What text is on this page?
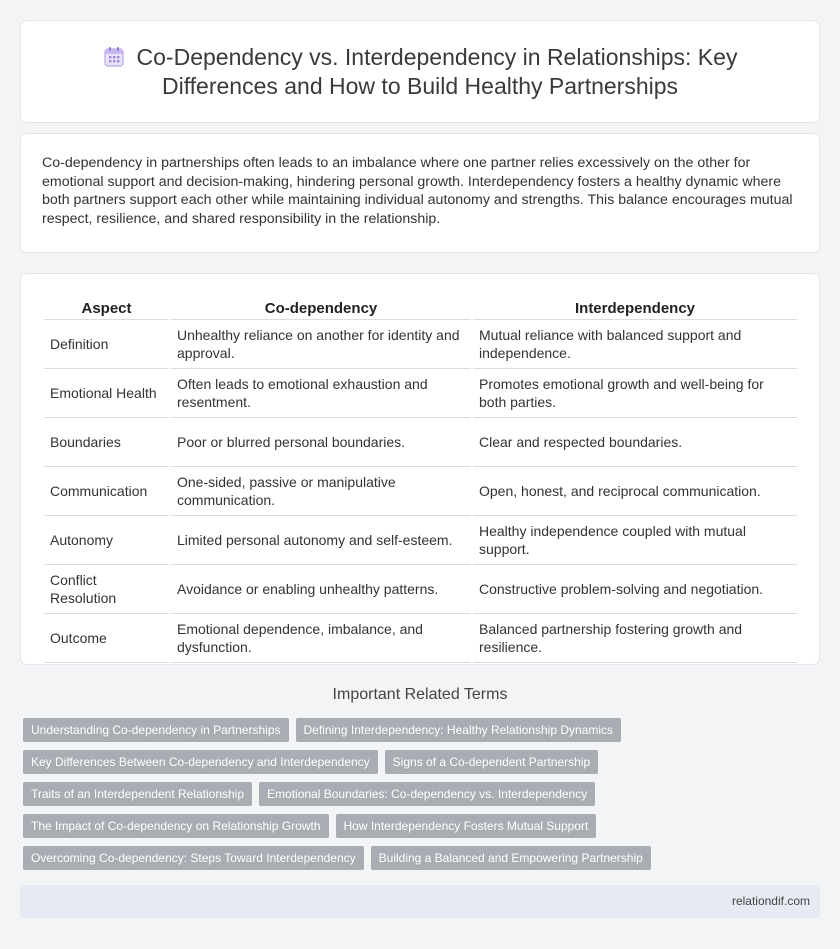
Co-Dependency vs. Interdependency in Relationships: Key Differences and How to Build Healthy Partnerships

Co-dependency in partnerships often leads to an imbalance where one partner relies excessively on the other for emotional support and decision-making, hindering personal growth. Interdependency fosters a healthy dynamic where both partners support each other while maintaining individual autonomy and strengths. This balance encourages mutual respect, resilience, and shared responsibility in the relationship.

Aspect	Co-dependency	Interdependency
Definition	Unhealthy reliance on another for identity and approval.	Mutual reliance with balanced support and independence.
Emotional Health	Often leads to emotional exhaustion and resentment.	Promotes emotional growth and well-being for both parties.
Boundaries	Poor or blurred personal boundaries.	Clear and respected boundaries.
Communication	One-sided, passive or manipulative communication.	Open, honest, and reciprocal communication.
Autonomy	Limited personal autonomy and self-esteem.	Healthy independence coupled with mutual support.
Conflict Resolution	Avoidance or enabling unhealthy patterns.	Constructive problem-solving and negotiation.
Outcome	Emotional dependence, imbalance, and dysfunction.	Balanced partnership fostering growth and resilience.
Important Related Terms
Understanding Co-dependency in Partnerships	Defining Interdependency: Healthy Relationship Dynamics
Key Differences Between Co-dependency and Interdependency	Signs of a Co-dependent Partnership
Traits of an Interdependent Relationship	Emotional Boundaries: Co-dependency vs. Interdependency
The Impact of Co-dependency on Relationship Growth	How Interdependency Fosters Mutual Support
Overcoming Co-dependency: Steps Toward Interdependency	Building a Balanced and Empowering Partnership
relationdif.com
